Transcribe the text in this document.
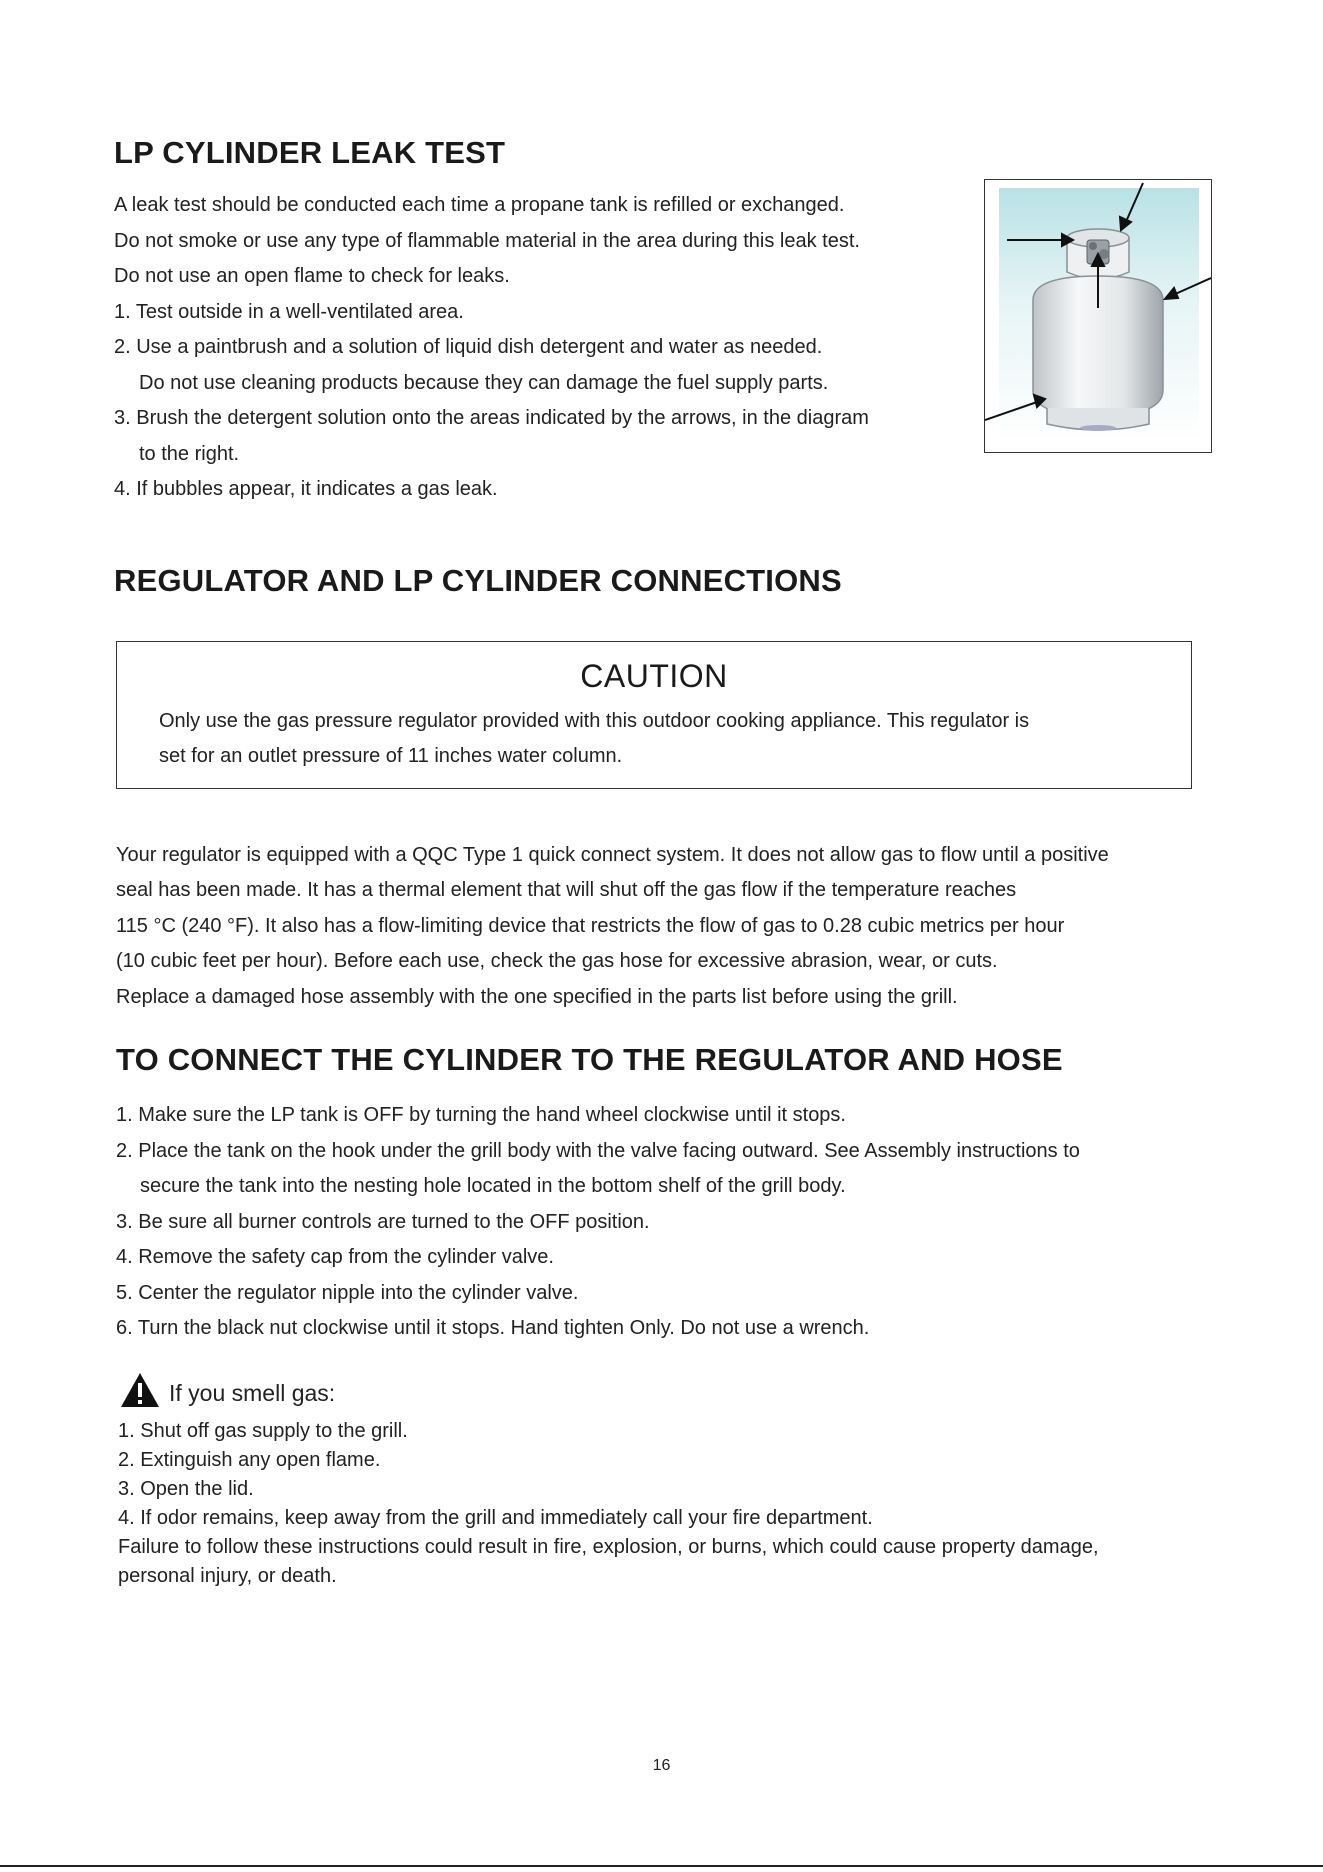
LP CYLINDER LEAK TEST

A leak test should be conducted each time a propane tank is refilled or exchanged.

Do not smoke or use any type of flammable material in the area during this leak test.

Do not use an open flame to check for leaks.

1. Test outside in a well-ventilated area.

2. Use a paintbrush and a solution of liquid dish detergent and water as needed.

Do not use cleaning products because they can damage the fuel supply parts.

3. Brush the detergent solution onto the areas indicated by the arrows, in the diagram

to the right.

4. If bubbles appear, it indicates a gas leak.

REGULATOR AND LP CYLINDER CONNECTIONS
CAUTION

Only use the gas pressure regulator provided with this outdoor cooking appliance. This regulator is

set for an outlet pressure of 11 inches water column.

Your regulator is equipped with a QQC Type 1 quick connect system. It does not allow gas to flow until a positive

seal has been made. It has a thermal element that will shut off the gas flow if the temperature reaches

115 °C (240 °F). It also has a flow-limiting device that restricts the flow of gas to 0.28 cubic metrics per hour

(10 cubic feet per hour). Before each use, check the gas hose for excessive abrasion, wear, or cuts.

Replace a damaged hose assembly with the one specified in the parts list before using the grill.

TO CONNECT THE CYLINDER TO THE REGULATOR AND HOSE

1. Make sure the LP tank is OFF by turning the hand wheel clockwise until it stops.

2. Place the tank on the hook under the grill body with the valve facing outward. See Assembly instructions to

secure the tank into the nesting hole located in the bottom shelf of the grill body.

3. Be sure all burner controls are turned to the OFF position.

4. Remove the safety cap from the cylinder valve.

5. Center the regulator nipple into the cylinder valve.

6. Turn the black nut clockwise until it stops. Hand tighten Only. Do not use a wrench.

If you smell gas:

1. Shut off gas supply to the grill.

2. Extinguish any open flame.

3. Open the lid.

4. If odor remains, keep away from the grill and immediately call your fire department.

Failure to follow these instructions could result in fire, explosion, or burns, which could cause property damage,

personal injury, or death.

16
